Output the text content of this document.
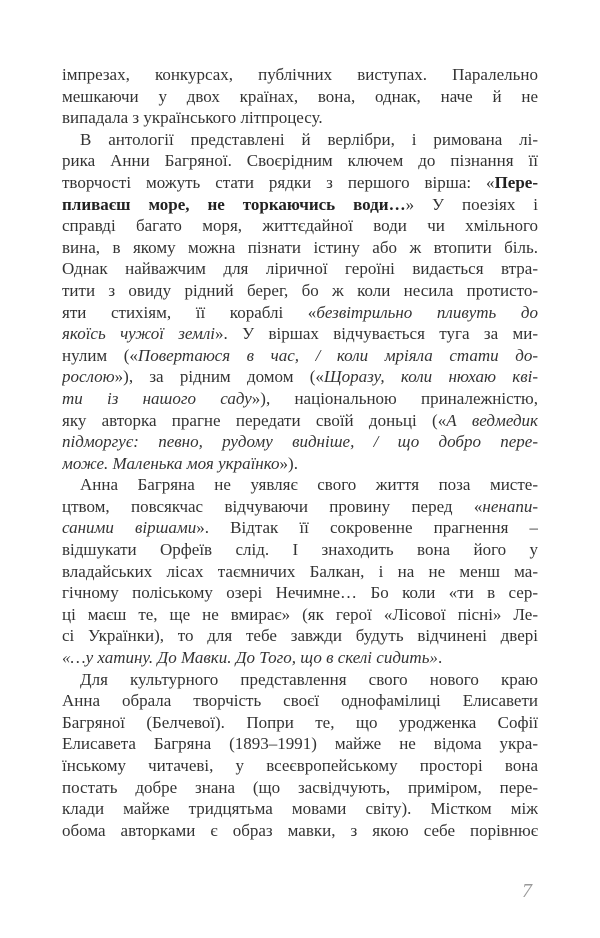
імпрезах, конкурсах, публічних виступах. Паралельно
мешкаючи у двох країнах, вона, однак, наче й не
випадала з українського літпроцесу.
В антології представлені й верлібри, і римована лі-
рика Анни Багряної. Своєрідним ключем до пізнання її
творчості можуть стати рядки з першого вірша: «Пере-
пливаєш море, не торкаючись води…» У поезіях і
справді багато моря, життєдайної води чи хмільного
вина, в якому можна пізнати істину або ж втопити біль.
Однак найважчим для ліричної героїні видається втра-
тити з овиду рідний берег, бо ж коли несила протисто-
яти стихіям, її кораблі «безвітрильно пливуть до
якоїсь чужої землі». У віршах відчувається туга за ми-
нулим («Повертаюся в час, / коли мріяла стати до-
рослою»), за рідним домом («Щоразу, коли нюхаю кві-
ти із нашого саду»), національною приналежністю,
яку авторка прагне передати своїй доньці («А ведмедик
підморгує: певно, рудому видніше, / що добро пере-
може. Маленька моя українко»).
Анна Багряна не уявляє свого життя поза мисте-
цтвом, повсякчас відчуваючи провину перед «ненапи-
саними віршами». Відтак її сокровенне прагнення –
відшукати Орфеїв слід. І знаходить вона його у
владайських лісах таємничих Балкан, і на не менш ма-
гічному поліському озері Нечимне… Бо коли «ти в сер-
ці маєш те, ще не вмирає» (як герої «Лісової пісні» Ле-
сі Українки), то для тебе завжди будуть відчинені двері
«…у хатину. До Мавки. До Того, що в скелі сидить».
Для культурного представлення свого нового краю
Анна обрала творчість своєї однофамілиці Елисавети
Багряної (Белчевої). Попри те, що уродженка Софії
Елисавета Багряна (1893–1991) майже не відома укра-
їнському читачеві, у всеєвропейському просторі вона
постать добре знана (що засвідчують, приміром, пере-
клади майже тридцятьма мовами світу). Містком між
обома авторками є образ мавки, з якою себе порівнює
7
